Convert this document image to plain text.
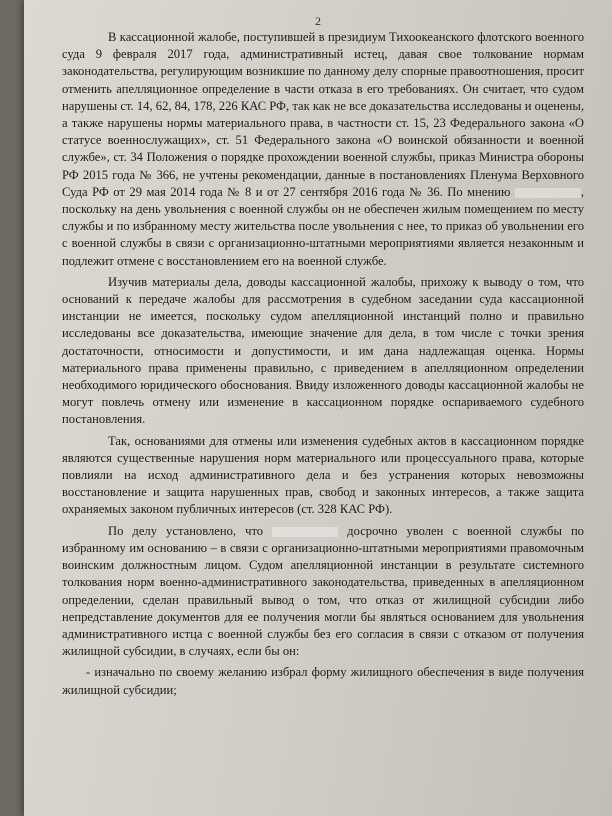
2

В кассационной жалобе, поступившей в президиум Тихоокеанского флотского военного суда 9 февраля 2017 года, административный истец, давая свое толкование нормам законодательства, регулирующим возникшие по данному делу спорные правоотношения, просит отменить апелляционное определение в части отказа в его требованиях. Он считает, что судом нарушены ст. 14, 62, 84, 178, 226 КАС РФ, так как не все доказательства исследованы и оценены, а также нарушены нормы материального права, в частности ст. 15, 23 Федерального закона «О статусе военнослужащих», ст. 51 Федерального закона «О воинской обязанности и военной службе», ст. 34 Положения о порядке прохождении военной службы, приказ Министра обороны РФ 2015 года № 366, не учтены рекомендации, данные в постановлениях Пленума Верховного Суда РФ от 29 мая 2014 года № 8 и от 27 сентября 2016 года № 36. По мнению	, поскольку на день увольнения с военной службы он не обеспечен жилым помещением по месту службы и по избранному месту жительства после увольнения с нее, то приказ об увольнении его с военной службы в связи с организационно-штатными мероприятиями является незаконным и подлежит отмене с восстановлением его на военной службе.

Изучив материалы дела, доводы кассационной жалобы, прихожу к выводу о том, что оснований к передаче жалобы для рассмотрения в судебном заседании суда кассационной инстанции не имеется, поскольку судом апелляционной инстанций полно и правильно исследованы все доказательства, имеющие значение для дела, в том числе с точки зрения достаточности, относимости и допустимости, и им дана надлежащая оценка. Нормы материального права применены правильно, с приведением в апелляционном определении необходимого юридического обоснования. Ввиду изложенного доводы кассационной жалобы не могут повлечь отмену или изменение в кассационном порядке оспариваемого судебного постановления.

Так, основаниями для отмены или изменения судебных актов в кассационном порядке являются существенные нарушения норм материального или процессуального права, которые повлияли на исход административного дела и без устранения которых невозможны восстановление и защита нарушенных прав, свобод и законных интересов, а также защита охраняемых законом публичных интересов (ст. 328 КАС РФ).

По делу установлено, что	досрочно уволен с военной службы по избранному им основанию – в связи с организационно-штатными мероприятиями правомочным воинским должностным лицом. Судом апелляционной инстанции в результате системного толкования норм военно-административного законодательства, приведенных в апелляционном определении, сделан правильный вывод о том, что отказ от жилищной субсидии либо непредставление документов для ее получения могли бы являться основанием для увольнения административного истца с военной службы без его согласия в связи с отказом от получения жилищной субсидии, в случаях, если бы он:

- изначально по своему желанию избрал форму жилищного обеспечения в виде получения жилищной субсидии;
